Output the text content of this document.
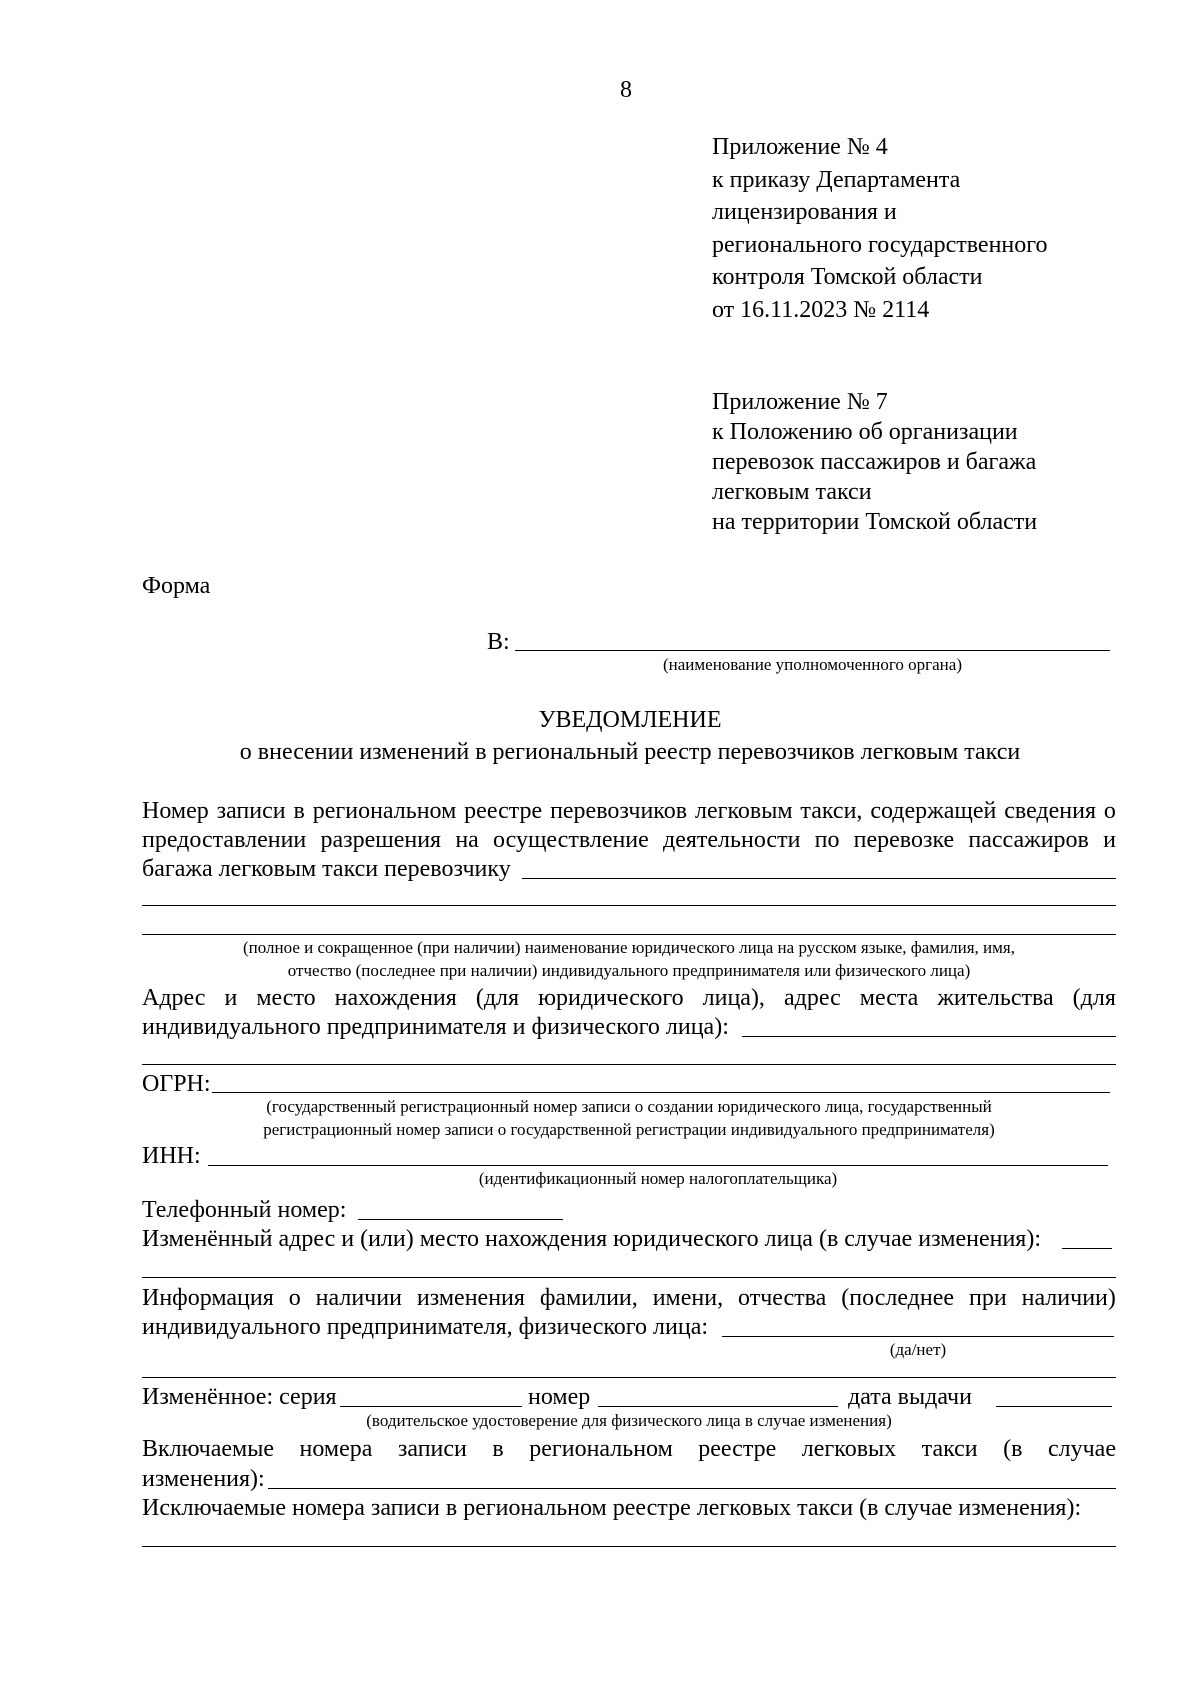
8
Приложение № 4
к приказу Департамента
лицензирования и
регионального государственного
контроля Томской области
от 16.11.2023 № 2114
Приложение № 7
к Положению об организации
перевозок пассажиров и багажа
легковым такси
на территории Томской области
Форма
В:
(наименование уполномоченного органа)
УВЕДОМЛЕНИЕ
о внесении изменений в региональный реестр перевозчиков легковым такси
Номер записи в региональном реестре перевозчиков легковым такси, содержащей сведения о
предоставлении разрешения на осуществление деятельности по перевозке пассажиров и
багажа легковым такси перевозчику
(полное и сокращенное (при наличии) наименование юридического лица на русском языке, фамилия, имя,
отчество (последнее при наличии) индивидуального предпринимателя или физического лица)
Адрес и место нахождения (для юридического лица), адрес места жительства (для
индивидуального предпринимателя и физического лица):
ОГРН:
(государственный регистрационный номер записи о создании юридического лица, государственный
регистрационный номер записи о государственной регистрации индивидуального предпринимателя)
ИНН:
(идентификационный номер налогоплательщика)
Телефонный номер:
Изменённый адрес и (или) место нахождения юридического лица (в случае изменения):
Информация о наличии изменения фамилии, имени, отчества (последнее при наличии)
индивидуального предпринимателя, физического лица:
(да/нет)
Изменённое: серия	номер	дата выдачи
(водительское удостоверение для физического лица в случае изменения)
Включаемые номера записи в региональном реестре легковых такси (в случае
изменения):
Исключаемые номера записи в региональном реестре легковых такси (в случае изменения):
